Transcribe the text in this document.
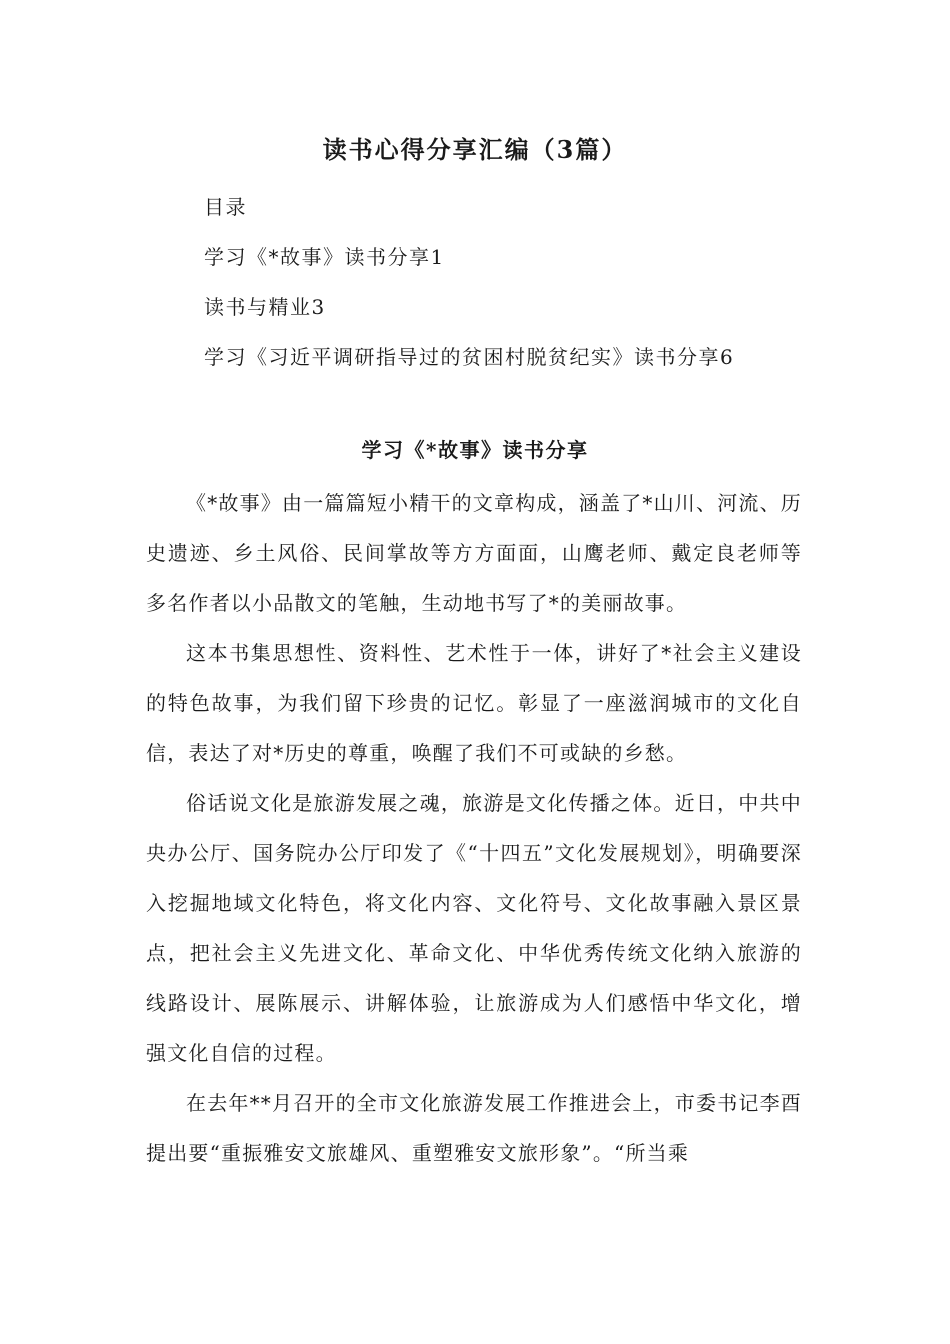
读书心得分享汇编（3篇）

目录

学习《*故事》读书分享1

读书与精业3

学习《习近平调研指导过的贫困村脱贫纪实》读书分享6

学习《*故事》读书分享

《*故事》由一篇篇短小精干的文章构成，涵盖了*山川、河流、历史遗迹、乡土风俗、民间掌故等方方面面，山鹰老师、戴定良老师等多名作者以小品散文的笔触，生动地书写了*的美丽故事。

这本书集思想性、资料性、艺术性于一体，讲好了*社会主义建设的特色故事，为我们留下珍贵的记忆。彰显了一座滋润城市的文化自信，表达了对*历史的尊重，唤醒了我们不可或缺的乡愁。

俗话说文化是旅游发展之魂，旅游是文化传播之体。近日，中共中央办公厅、国务院办公厅印发了《“十四五”文化发展规划》，明确要深入挖掘地域文化特色，将文化内容、文化符号、文化故事融入景区景点，把社会主义先进文化、革命文化、中华优秀传统文化纳入旅游的线路设计、展陈展示、讲解体验，让旅游成为人们感悟中华文化，增强文化自信的过程。

在去年**月召开的全市文化旅游发展工作推进会上，市委书记李酉提出要“重振雅安文旅雄风、重塑雅安文旅形象”。“所当乘
